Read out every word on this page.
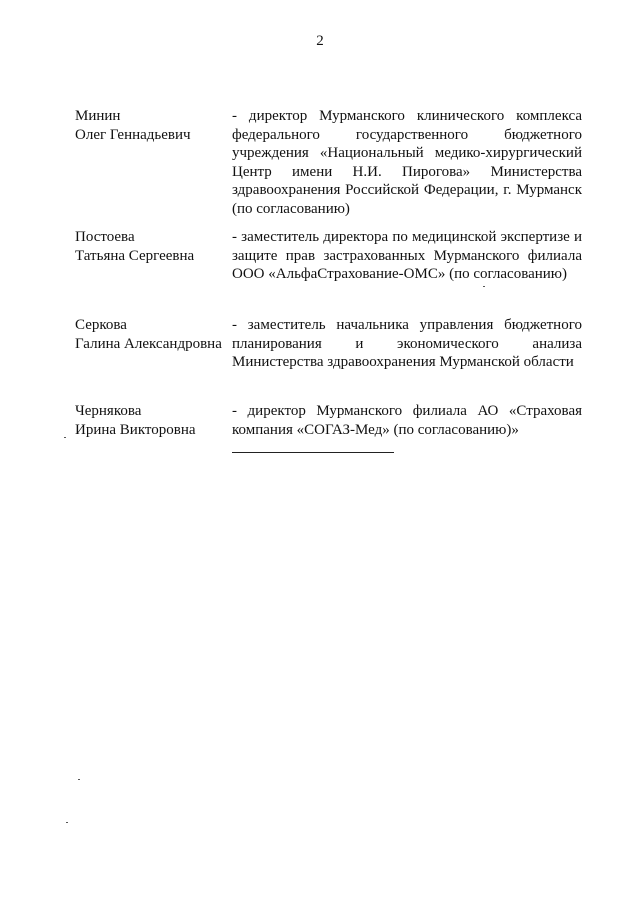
2
Минин
Олег Геннадьевич
- директор Мурманского клинического комплекса федерального государственного бюджетного учреждения «Национальный медико-хирургический Центр имени Н.И. Пирогова» Министерства здравоохранения Российской Федерации, г. Мурманск (по согласованию)
Постоева
Татьяна Сергеевна
- заместитель директора по медицинской экспертизе и защите прав застрахованных Мурманского филиала ООО «АльфаСтрахование-ОМС» (по согласованию)
Серкова
Галина Александровна
- заместитель начальника управления бюджетного планирования и экономического анализа Министерства здравоохранения Мурманской области
Чернякова
Ирина Викторовна
- директор Мурманского филиала АО «Страховая компания «СОГАЗ-Мед» (по согласованию)»
